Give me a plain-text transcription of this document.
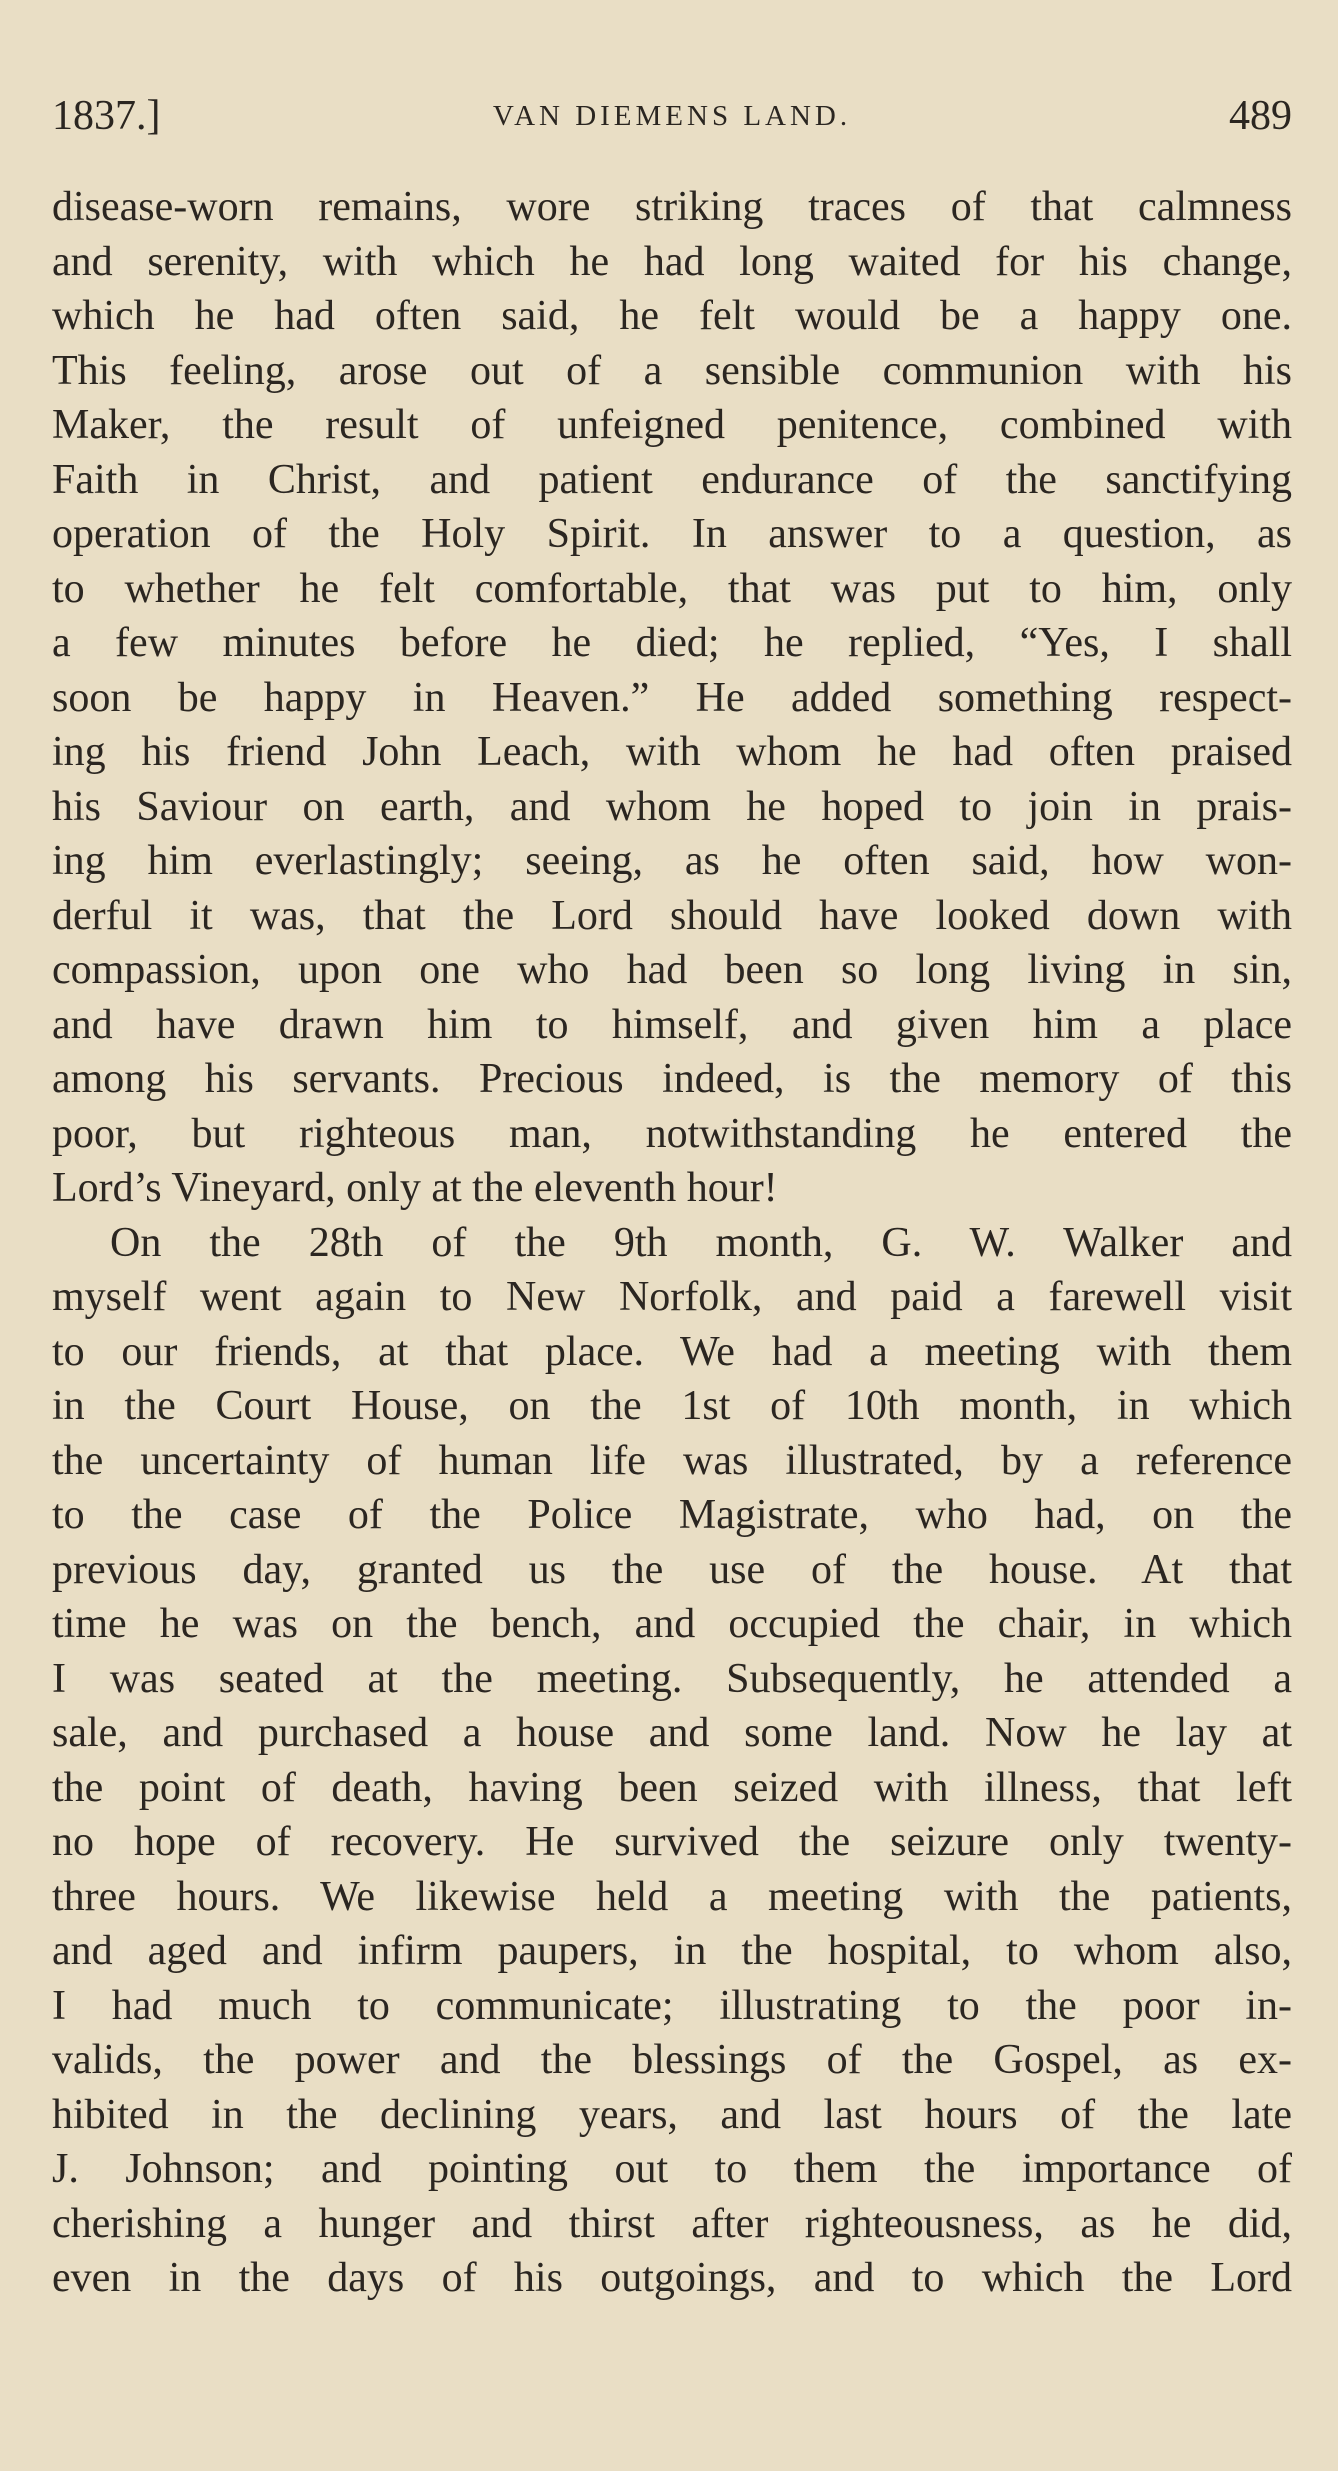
1837.]	VAN DIEMENS LAND.	489
disease-worn remains, wore striking traces of that calmness
and serenity, with which he had long waited for his change,
which he had often said, he felt would be a happy one.
This feeling, arose out of a sensible communion with his
Maker, the result of unfeigned penitence, combined with
Faith in Christ, and patient endurance of the sanctifying
operation of the Holy Spirit. In answer to a question, as
to whether he felt comfortable, that was put to him, only
a few minutes before he died; he replied, “Yes, I shall
soon be happy in Heaven.” He added something respect-
ing his friend John Leach, with whom he had often praised
his Saviour on earth, and whom he hoped to join in prais-
ing him everlastingly; seeing, as he often said, how won-
derful it was, that the Lord should have looked down with
compassion, upon one who had been so long living in sin,
and have drawn him to himself, and given him a place
among his servants. Precious indeed, is the memory of this
poor, but righteous man, notwithstanding he entered the
Lord’s Vineyard, only at the eleventh hour!
On the 28th of the 9th month, G. W. Walker and
myself went again to New Norfolk, and paid a farewell visit
to our friends, at that place. We had a meeting with them
in the Court House, on the 1st of 10th month, in which
the uncertainty of human life was illustrated, by a reference
to the case of the Police Magistrate, who had, on the
previous day, granted us the use of the house. At that
time he was on the bench, and occupied the chair, in which
I was seated at the meeting. Subsequently, he attended a
sale, and purchased a house and some land. Now he lay at
the point of death, having been seized with illness, that left
no hope of recovery. He survived the seizure only twenty-
three hours. We likewise held a meeting with the patients,
and aged and infirm paupers, in the hospital, to whom also,
I had much to communicate; illustrating to the poor in-
valids, the power and the blessings of the Gospel, as ex-
hibited in the declining years, and last hours of the late
J. Johnson; and pointing out to them the importance of
cherishing a hunger and thirst after righteousness, as he did,
even in the days of his outgoings, and to which the Lord
